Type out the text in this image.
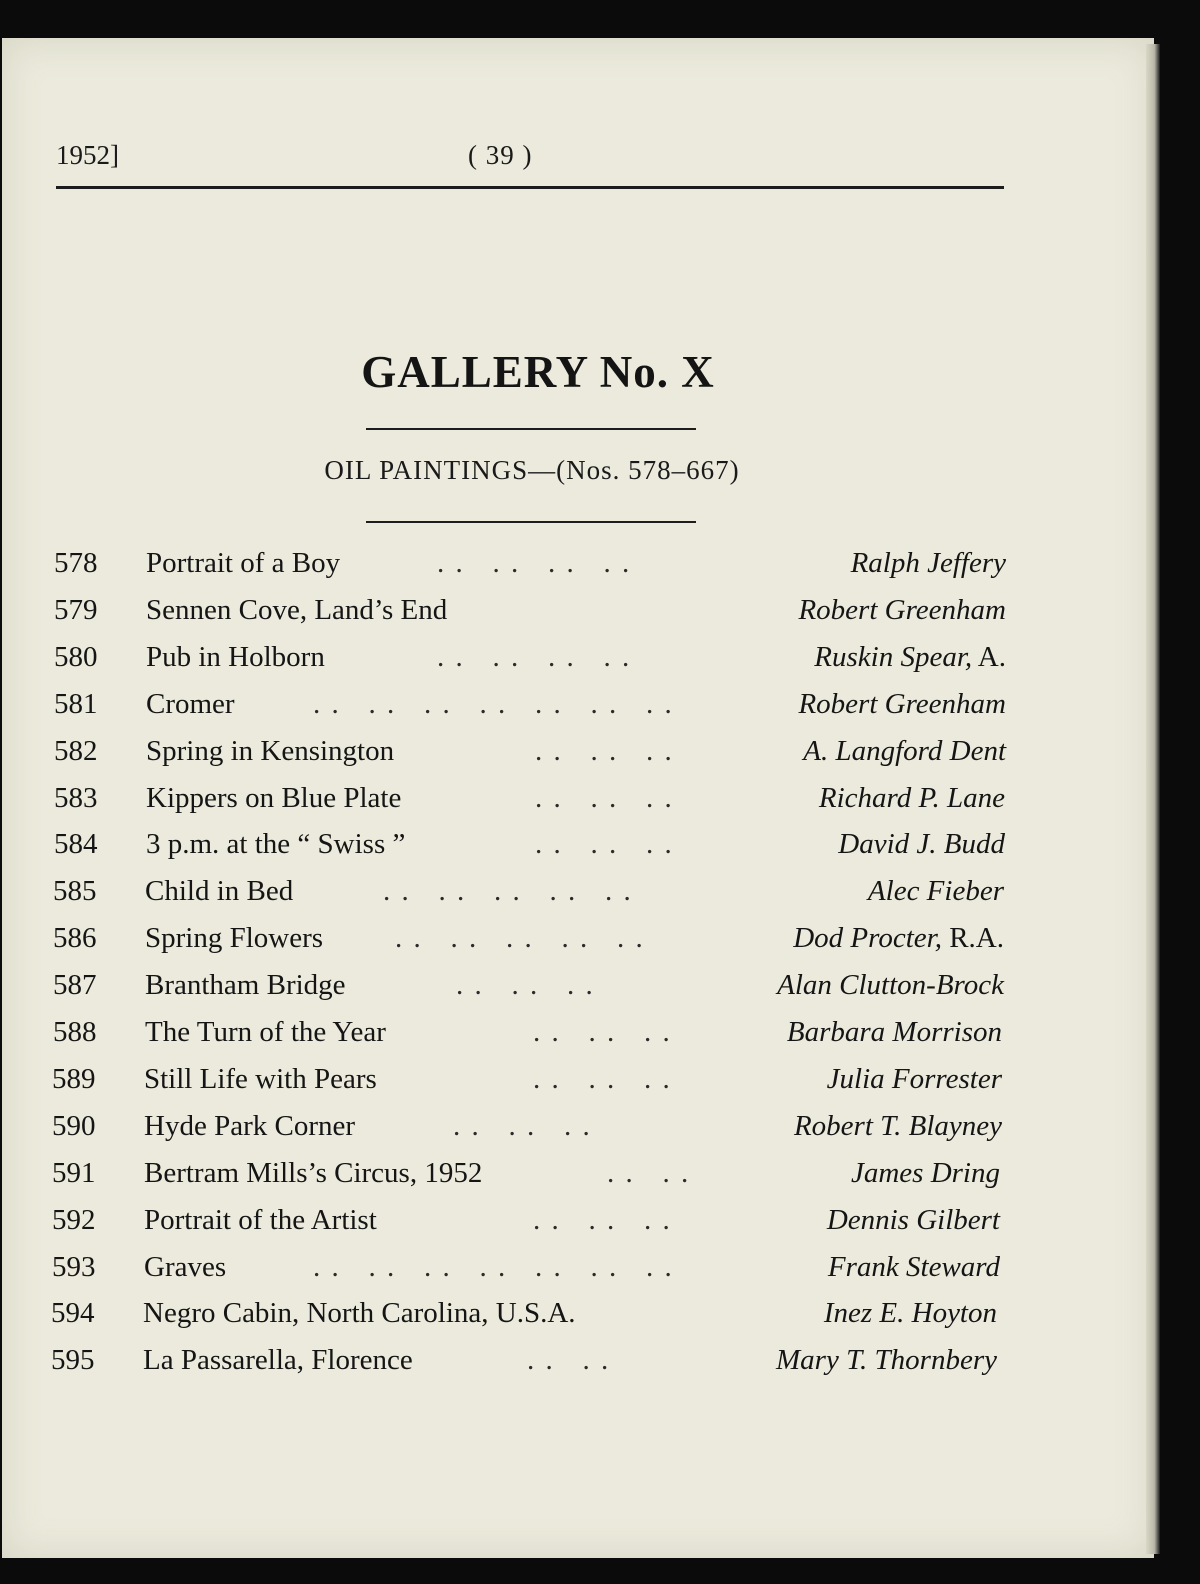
1952]	( 39 )
GALLERY No. X
OIL PAINTINGS—(Nos. 578–667)
578 Portrait of a Boy	. .   . .   . .   . .	Ralph Jeffery
579 Sennen Cove, Land’s End	Robert Greenham
580 Pub in Holborn	. .   . .   . .   . .	Ruskin Spear, A.
581 Cromer	. .   . .   . .   . .   . .   . .   . .	Robert Greenham
582 Spring in Kensington	. .   . .   . .	A. Langford Dent
583 Kippers on Blue Plate	. .   . .   . .	Richard P. Lane
584 3 p.m. at the “ Swiss ”	. .   . .   . .	David J. Budd
585 Child in Bed	. .   . .   . .   . .   . .	Alec Fieber
586 Spring Flowers . .   . .   . .   . .   . .	Dod Procter, R.A.
587 Brantham Bridge	. .   . .   . .	Alan Clutton-Brock
588 The Turn of the Year	. .   . .   . .	Barbara Morrison
589 Still Life with Pears	. .   . .   . .	Julia Forrester
590 Hyde Park Corner	. .   . .   . .	Robert T. Blayney
591 Bertram Mills’s Circus, 1952	. .   . .	James Dring
592 Portrait of the Artist	. .   . .   . .	Dennis Gilbert
593 Graves	. .   . .   . .   . .   . .   . .   . .	Frank Steward
594 Negro Cabin, North Carolina, U.S.A.	Inez E. Hoyton
595 La Passarella, Florence	. .   . .	Mary T. Thornbery
